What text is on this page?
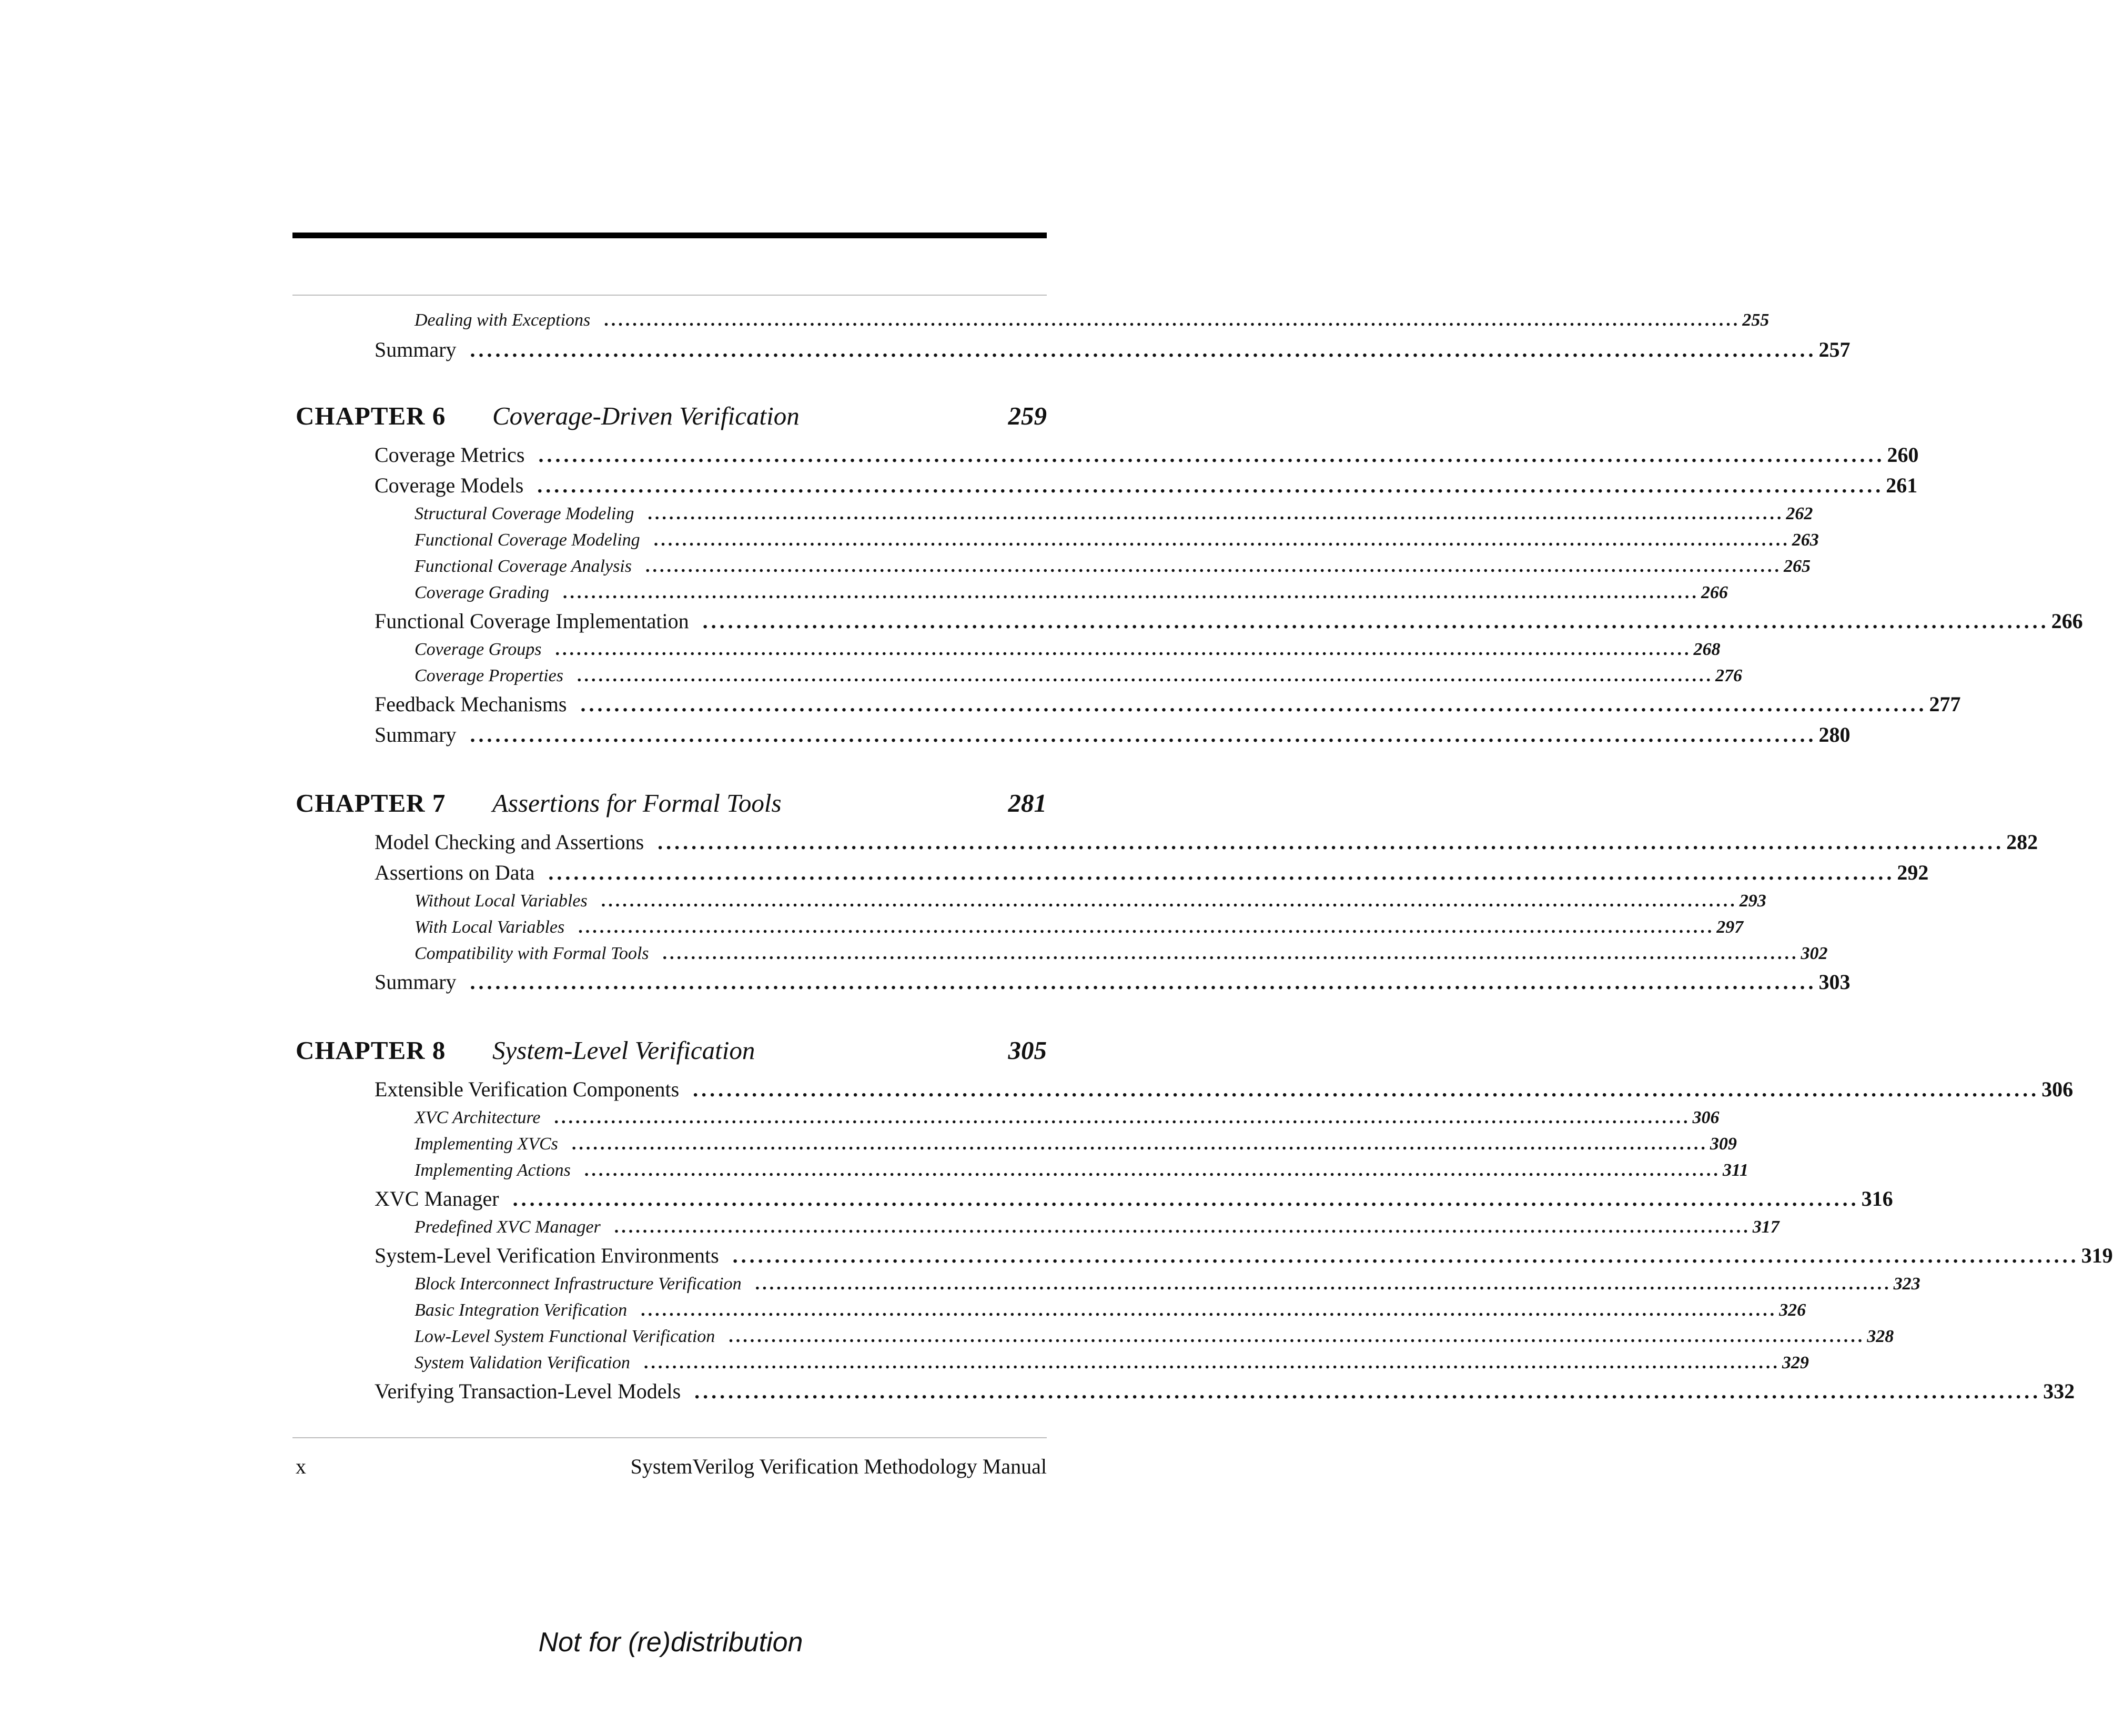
Dealing with Exceptions ................................................................................................................................................................ 255
Summary ................................................................................................................................................................ 257
CHAPTER 6 Coverage-Driven Verification	259
Coverage Metrics ................................................................................................................................................................ 260
Coverage Models ................................................................................................................................................................ 261
Structural Coverage Modeling ................................................................................................................................................................ 262
Functional Coverage Modeling ................................................................................................................................................................ 263
Functional Coverage Analysis ................................................................................................................................................................ 265
Coverage Grading ................................................................................................................................................................ 266
Functional Coverage Implementation ................................................................................................................................................................ 266
Coverage Groups ................................................................................................................................................................ 268
Coverage Properties ................................................................................................................................................................ 276
Feedback Mechanisms ................................................................................................................................................................ 277
Summary ................................................................................................................................................................ 280
CHAPTER 7 Assertions for Formal Tools	281
Model Checking and Assertions ................................................................................................................................................................ 282
Assertions on Data ................................................................................................................................................................ 292
Without Local Variables ................................................................................................................................................................ 293
With Local Variables ................................................................................................................................................................ 297
Compatibility with Formal Tools ................................................................................................................................................................ 302
Summary ................................................................................................................................................................ 303
CHAPTER 8 System-Level Verification	305
Extensible Verification Components ................................................................................................................................................................ 306
XVC Architecture ................................................................................................................................................................ 306
Implementing XVCs ................................................................................................................................................................ 309
Implementing Actions ................................................................................................................................................................ 311
XVC Manager ................................................................................................................................................................ 316
Predefined XVC Manager ................................................................................................................................................................ 317
System-Level Verification Environments ................................................................................................................................................................ 319
Block Interconnect Infrastructure Verification ................................................................................................................................................................ 323
Basic Integration Verification ................................................................................................................................................................ 326
Low-Level System Functional Verification ................................................................................................................................................................ 328
System Validation Verification ................................................................................................................................................................ 329
Verifying Transaction-Level Models ................................................................................................................................................................ 332
x	SystemVerilog Verification Methodology Manual
Not for (re)distribution
